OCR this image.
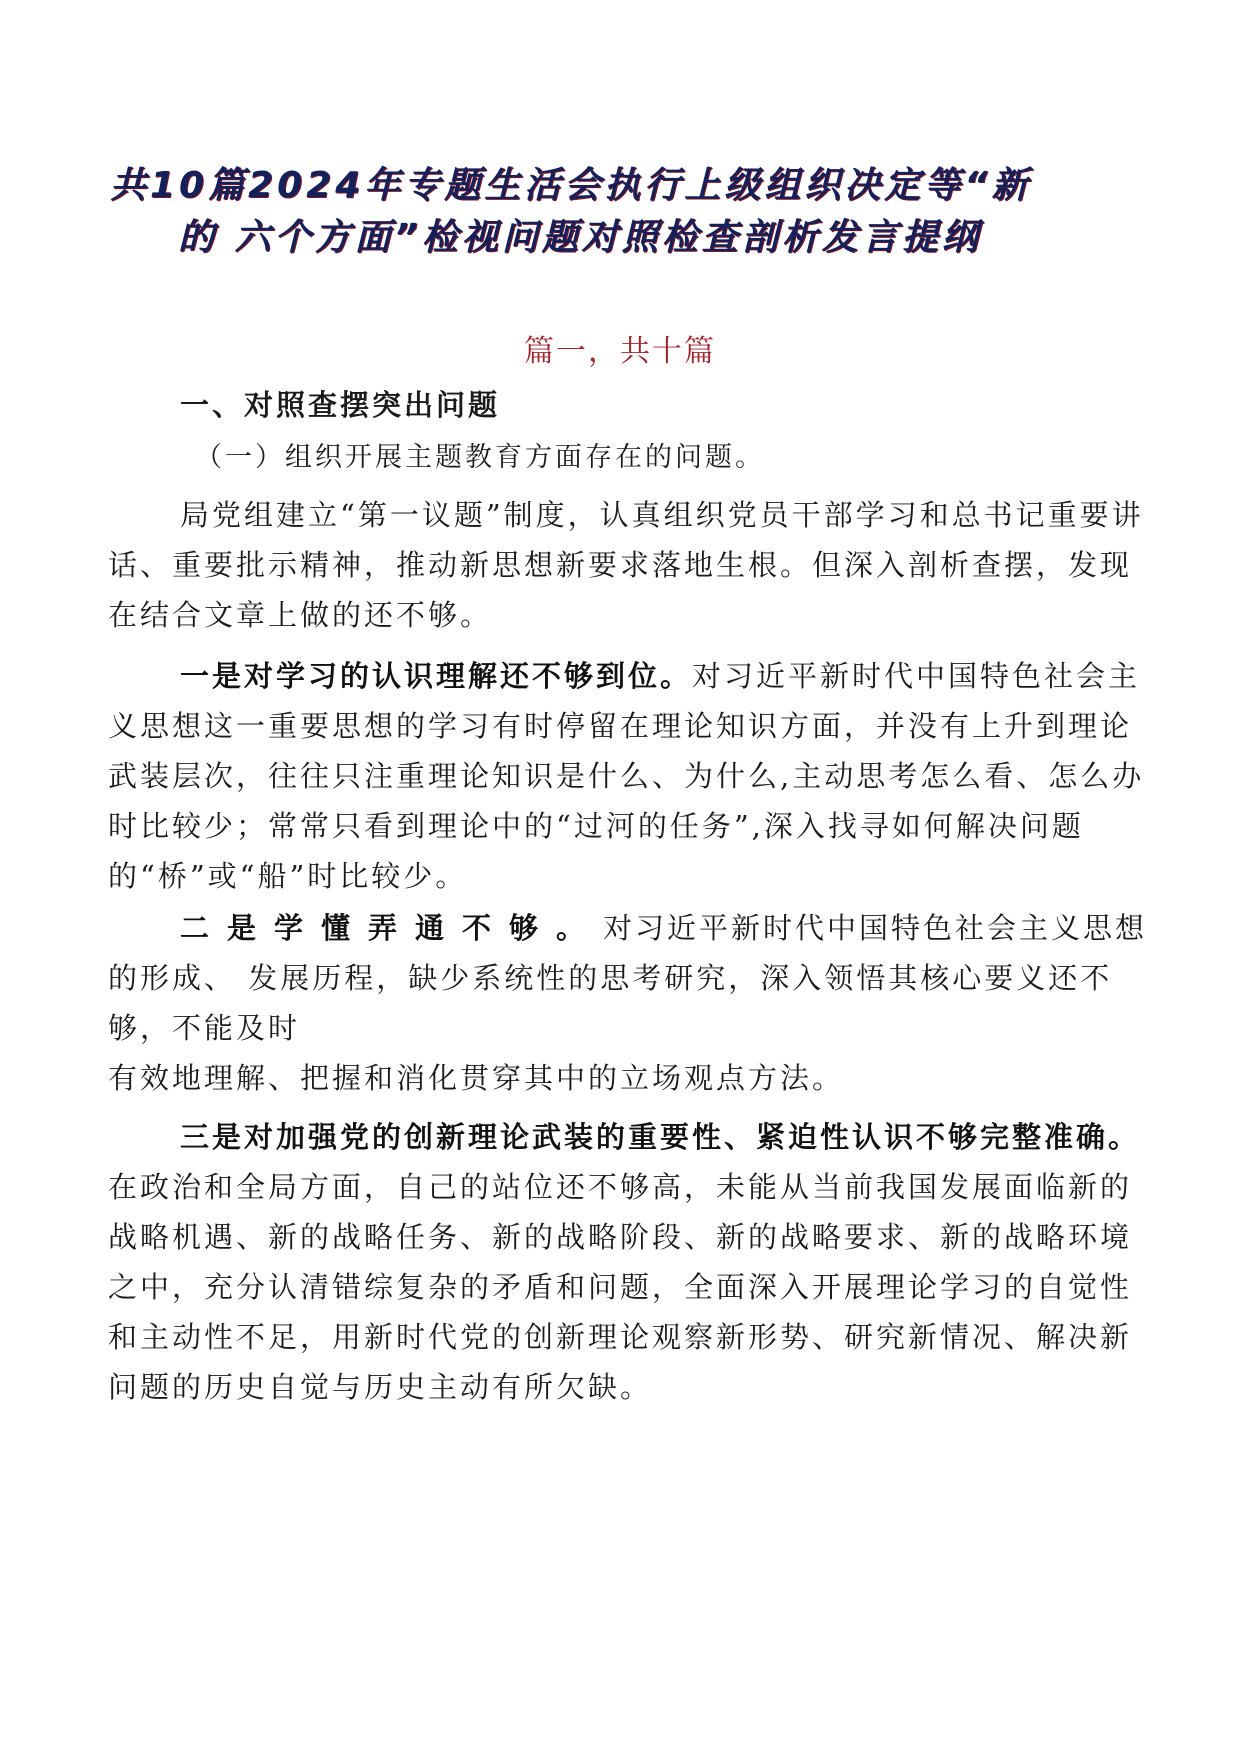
共10篇2024年专题生活会执行上级组织决定等“新
的 六个方面”检视问题对照检查剖析发言提纲
篇一，共十篇
一、对照查摆突出问题
（一）组织开展主题教育方面存在的问题。
局党组建立“第一议题”制度，认真组织党员干部学习和总书记重要讲话、重要批示精神，推动新思想新要求落地生根。但深入剖析查摆，发现在结合文章上做的还不够。
一是对学习的认识理解还不够到位。对习近平新时代中国特色社会主义思想这一重要思想的学习有时停留在理论知识方面，并没有上升到理论武装层次，往往只注重理论知识是什么、为什么,主动思考怎么看、怎么办时比较少；常常只看到理论中的“过河的任务”,深入找寻如何解决问题的“桥”或“船”时比较少。
二是学懂弄通不够。对习近平新时代中国特色社会主义思想的形成、 发展历程，缺少系统性的思考研究，深入领悟其核心要义还不够，不能及时
有效地理解、把握和消化贯穿其中的立场观点方法。
三是对加强党的创新理论武装的重要性、紧迫性认识不够完整准确。在政治和全局方面，自己的站位还不够高，未能从当前我国发展面临新的战略机遇、新的战略任务、新的战略阶段、新的战略要求、新的战略环境之中，充分认清错综复杂的矛盾和问题，全面深入开展理论学习的自觉性和主动性不足，用新时代党的创新理论观察新形势、研究新情况、解决新问题的历史自觉与历史主动有所欠缺。
